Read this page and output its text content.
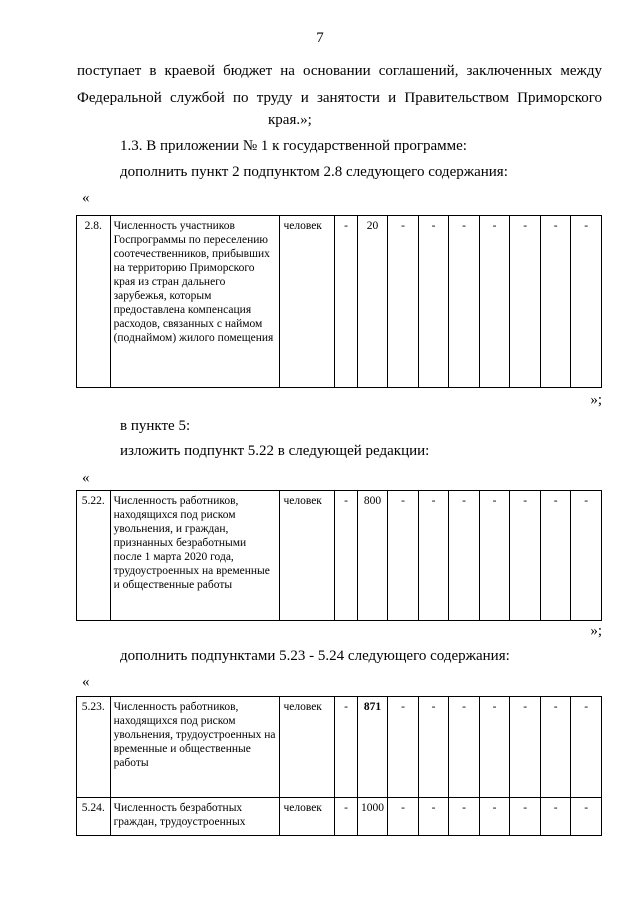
7
поступает в краевой бюджет на основании соглашений, заключенных между
Федеральной службой по труду и занятости и Правительством Приморского
края.»;
1.3. В приложении № 1 к государственной программе:
дополнить пункт 2 подпунктом 2.8 следующего содержания:
«
2.8.	Численность участников Госпрограммы по переселению соотечественников, прибывших на территорию Приморского края из стран дальнего зарубежья, которым предоставлена компенсация расходов, связанных с наймом (поднаймом) жилого помещения	человек	-	20	-	-	-	-	-	-	-
»;
в пункте 5:
изложить подпункт 5.22 в следующей редакции:
«
5.22.	Численность работников, находящихся под риском увольнения, и граждан, признанных безработными после 1 марта 2020 года, трудоустроенных на временные и общественные работы	человек	-	800	-	-	-	-	-	-	-
»;
дополнить подпунктами 5.23 - 5.24 следующего содержания:
«
5.23.	Численность работников, находящихся под риском увольнения, трудоустроенных на временные и общественные работы	человек	-	871	-	-	-	-	-	-	-
5.24.	Численность безработных граждан, трудоустроенных	человек	-	1000	-	-	-	-	-	-	-
